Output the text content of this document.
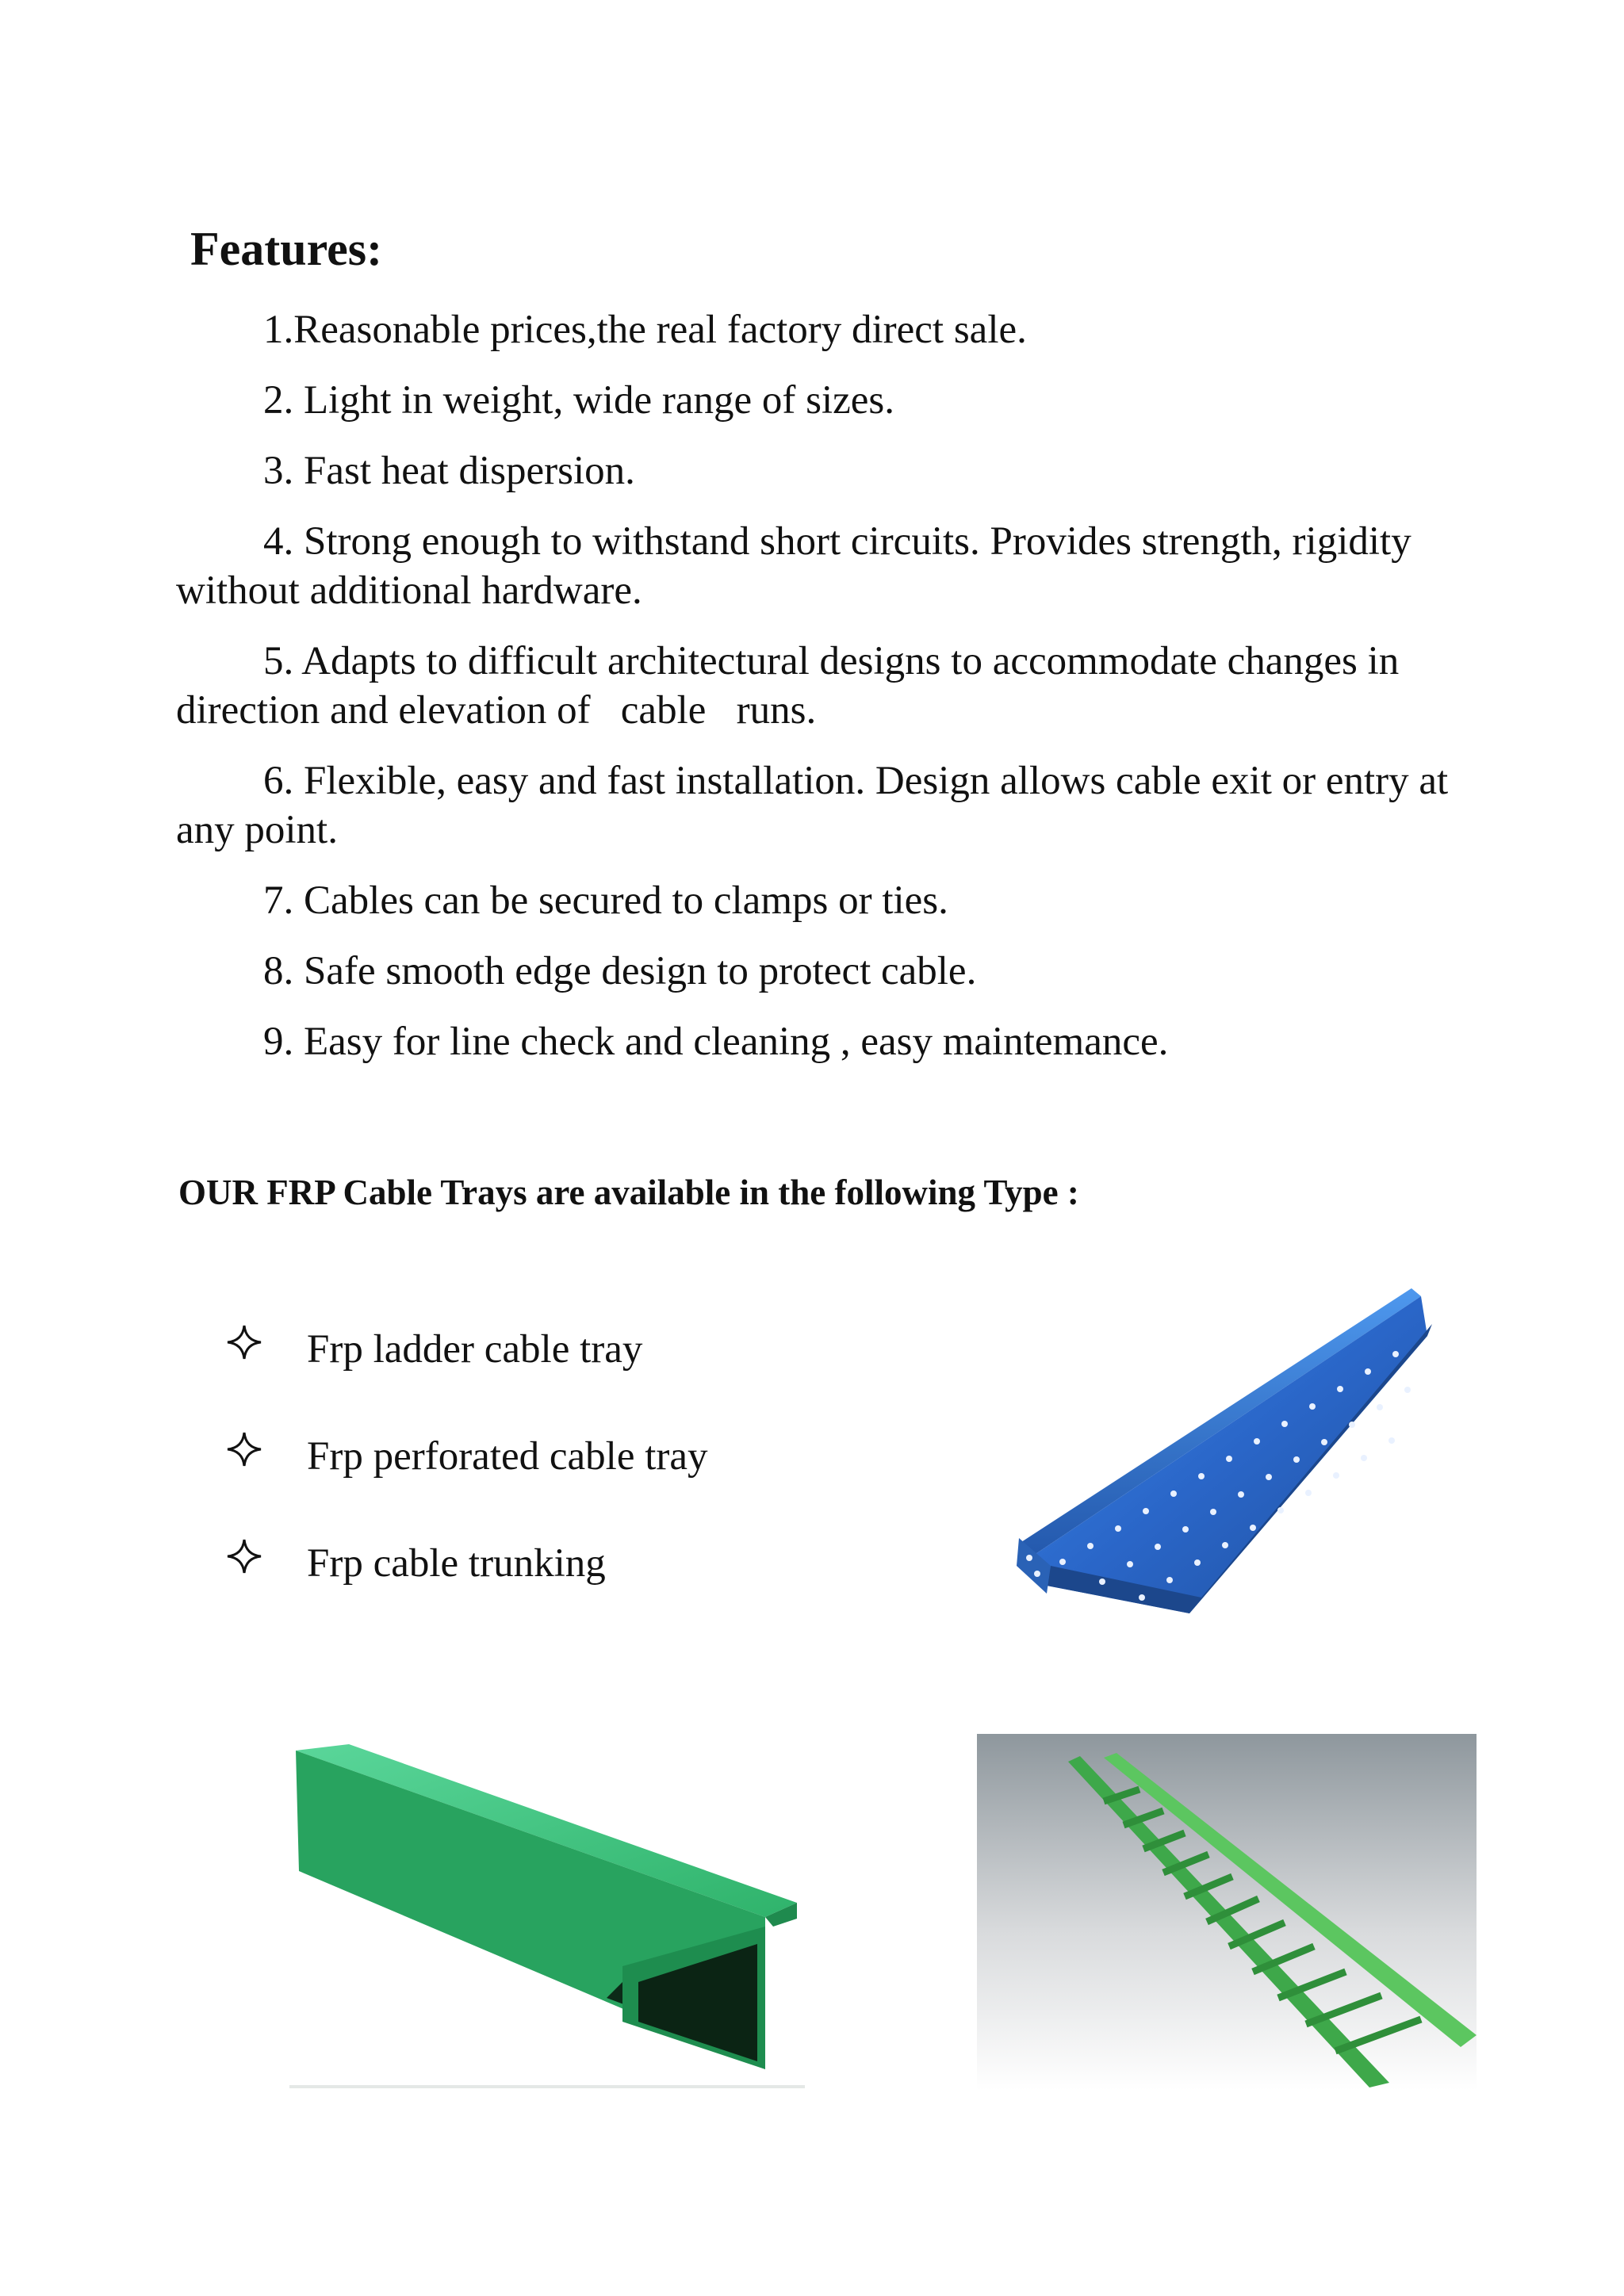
Features:

1.Reasonable prices,the real factory direct sale.

2. Light in weight, wide range of sizes.

3. Fast heat dispersion.

4. Strong enough to withstand short circuits. Provides strength, rigidity without additional hardware.

5. Adapts to difficult architectural designs to accommodate changes in direction and elevation of   cable   runs.

6. Flexible, easy and fast installation. Design allows cable exit or entry at any point.

7. Cables can be secured to clamps or ties.

8. Safe smooth edge design to protect cable.

9. Easy for line check and cleaning , easy maintemance.

OUR FRP Cable Trays are available in the following Type :
Frp ladder cable tray
Frp perforated cable tray
Frp cable trunking
